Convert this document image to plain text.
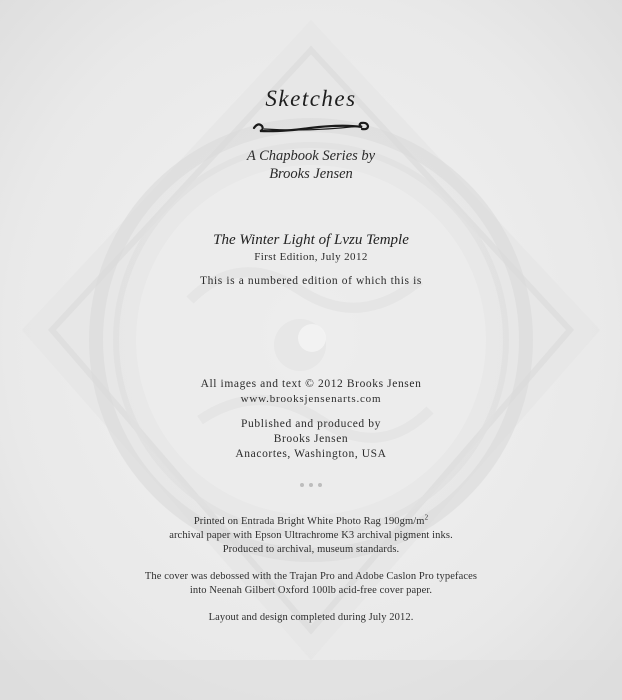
Sketches
A Chapbook Series by
Brooks Jensen
The Winter Light of Lvzu Temple
First Edition, July 2012
This is a numbered edition of which this is
All images and text © 2012 Brooks Jensen
www.brooksjensenarts.com
Published and produced by
Brooks Jensen
Anacortes, Washington, USA
Printed on Entrada Bright White Photo Rag $190gm/m^2$
archival paper with Epson Ultrachrome K3 archival pigment inks.
Produced to archival, museum standards.
The cover was debossed with the Trajan Pro and Adobe Caslon Pro typefaces
into Neenah Gilbert Oxford 100lb acid-free cover paper.
Layout and design completed during July 2012.
